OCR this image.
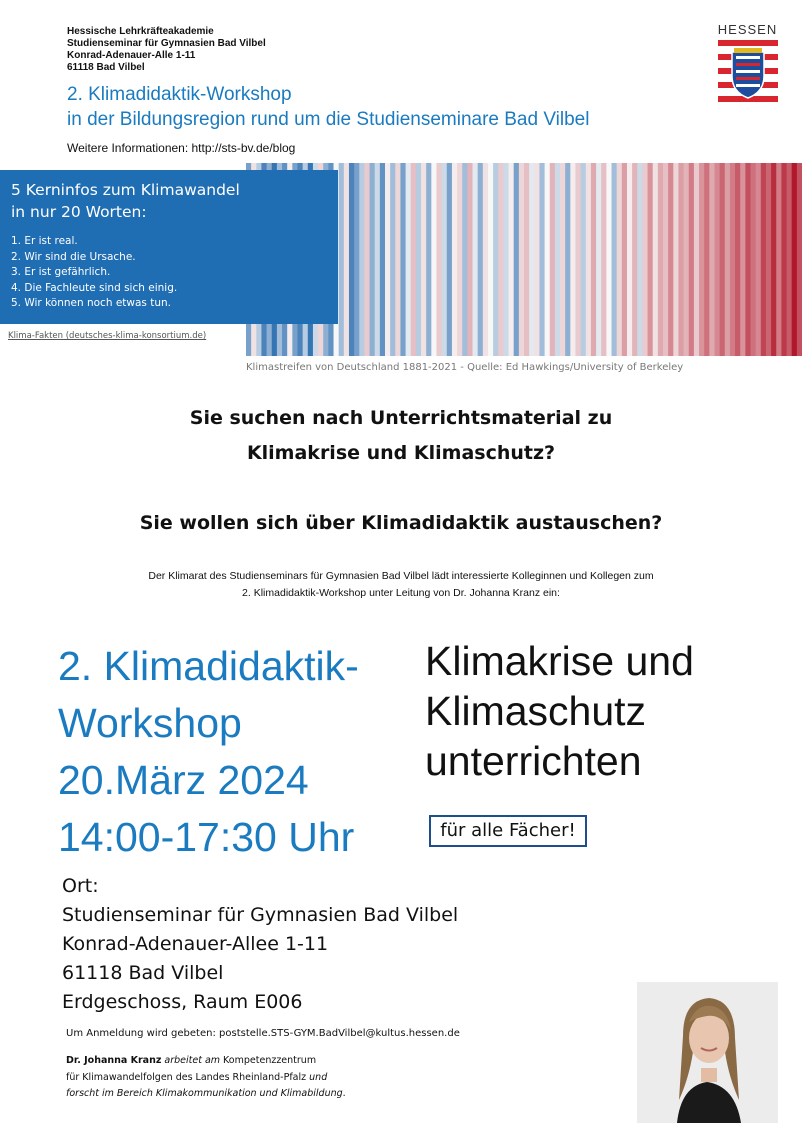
Hessische Lehrkräfteakademie
Studienseminar für Gymnasien Bad Vilbel
Konrad-Adenauer-Alle 1-11
61118 Bad Vilbel
2. Klimadidaktik-Workshop
in der Bildungsregion rund um die Studienseminare Bad Vilbel
Weitere Informationen: http://sts-bv.de/blog
HESSEN
5 Kerninfos zum Klimawandel
in nur 20 Worten:
1. Er ist real.
2. Wir sind die Ursache.
3. Er ist gefährlich.
4. Die Fachleute sind sich einig.
5. Wir können noch etwas tun.
Klima-Fakten (deutsches-klima-konsortium.de)
Klimastreifen von Deutschland 1881-2021 - Quelle: Ed Hawkings/University of Berkeley
Sie suchen nach Unterrichtsmaterial zu
Klimakrise und Klimaschutz?
Sie wollen sich über Klimadidaktik austauschen?
Der Klimarat des Studienseminars für Gymnasien Bad Vilbel lädt interessierte Kolleginnen und Kollegen zum
2. Klimadidaktik-Workshop unter Leitung von Dr. Johanna Kranz ein:
2. Klimadidaktik-
Workshop
20.März 2024
14:00-17:30 Uhr
Klimakrise und
Klimaschutz
unterrichten
für alle Fächer!
Ort:
Studienseminar für Gymnasien Bad Vilbel
Konrad-Adenauer-Allee 1-11
61118 Bad Vilbel
Erdgeschoss, Raum E006
Um Anmeldung wird gebeten: poststelle.STS-GYM.BadVilbel@kultus.hessen.de
Dr. Johanna Kranz arbeitet am Kompetenzzentrum
für Klimawandelfolgen des Landes Rheinland-Pfalz und
forscht im Bereich Klimakommunikation und Klimabildung.
